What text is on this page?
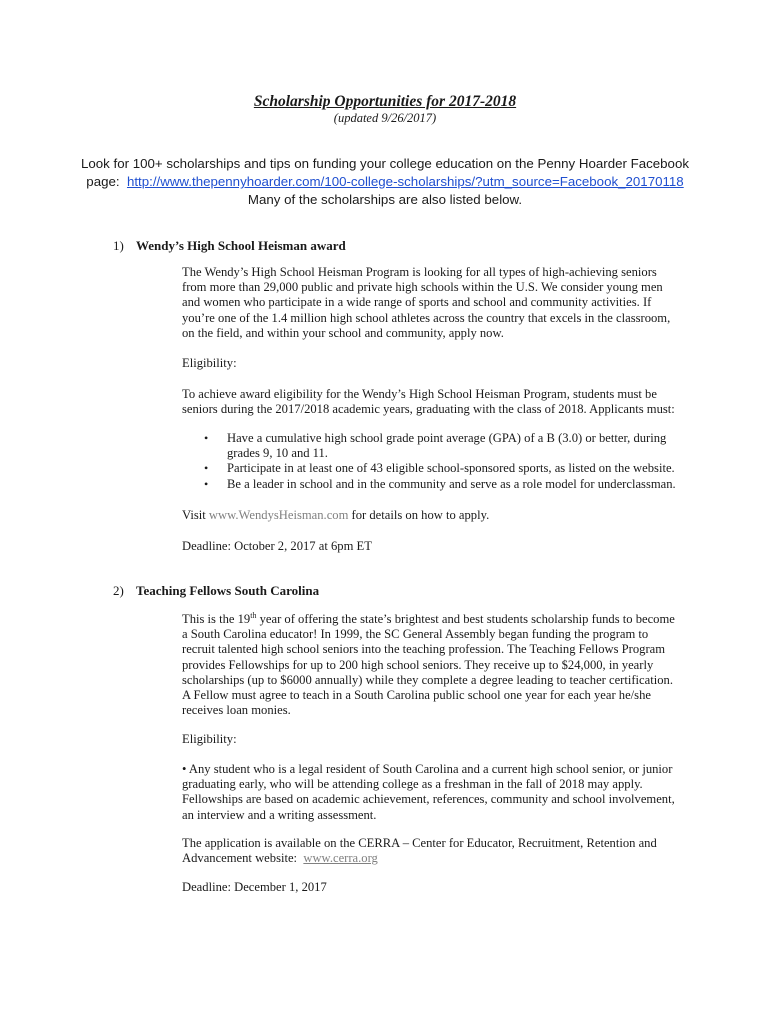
Scholarship Opportunities for 2017-2018
(updated 9/26/2017)
Look for 100+ scholarships and tips on funding your college education on the Penny Hoarder Facebook
page: http://www.thepennyhoarder.com/100-college-scholarships/?utm_source=Facebook_20170118
Many of the scholarships are also listed below.
1) Wendy’s High School Heisman award

The Wendy’s High School Heisman Program is looking for all types of high-achieving seniors

from more than 29,000 public and private high schools within the U.S. We consider young men

and women who participate in a wide range of sports and school and community activities. If

you’re one of the 1.4 million high school athletes across the country that excels in the classroom,

on the field, and within your school and community, apply now.

Eligibility:

To achieve award eligibility for the Wendy’s High School Heisman Program, students must be

seniors during the 2017/2018 academic years, graduating with the class of 2018. Applicants must:

• Have a cumulative high school grade point average (GPA) of a B (3.0) or better, during
grades 9, 10 and 11.
• Participate in at least one of 43 eligible school-sponsored sports, as listed on the website.
• Be a leader in school and in the community and serve as a role model for underclassman.
Visit www.WendysHeisman.com for details on how to apply.
Deadline: October 2, 2017 at 6pm ET
2) Teaching Fellows South Carolina

This is the 19th year of offering the state’s brightest and best students scholarship funds to become

a South Carolina educator! In 1999, the SC General Assembly began funding the program to

recruit talented high school seniors into the teaching profession. The Teaching Fellows Program

provides Fellowships for up to 200 high school seniors. They receive up to $24,000, in yearly

scholarships (up to $6000 annually) while they complete a degree leading to teacher certification.

A Fellow must agree to teach in a South Carolina public school one year for each year he/she

receives loan monies.

Eligibility:

• Any student who is a legal resident of South Carolina and a current high school senior, or junior

graduating early, who will be attending college as a freshman in the fall of 2018 may apply.

Fellowships are based on academic achievement, references, community and school involvement,

an interview and a writing assessment.

The application is available on the CERRA – Center for Educator, Recruitment, Retention and

Advancement website: www.cerra.org

Deadline: December 1, 2017
